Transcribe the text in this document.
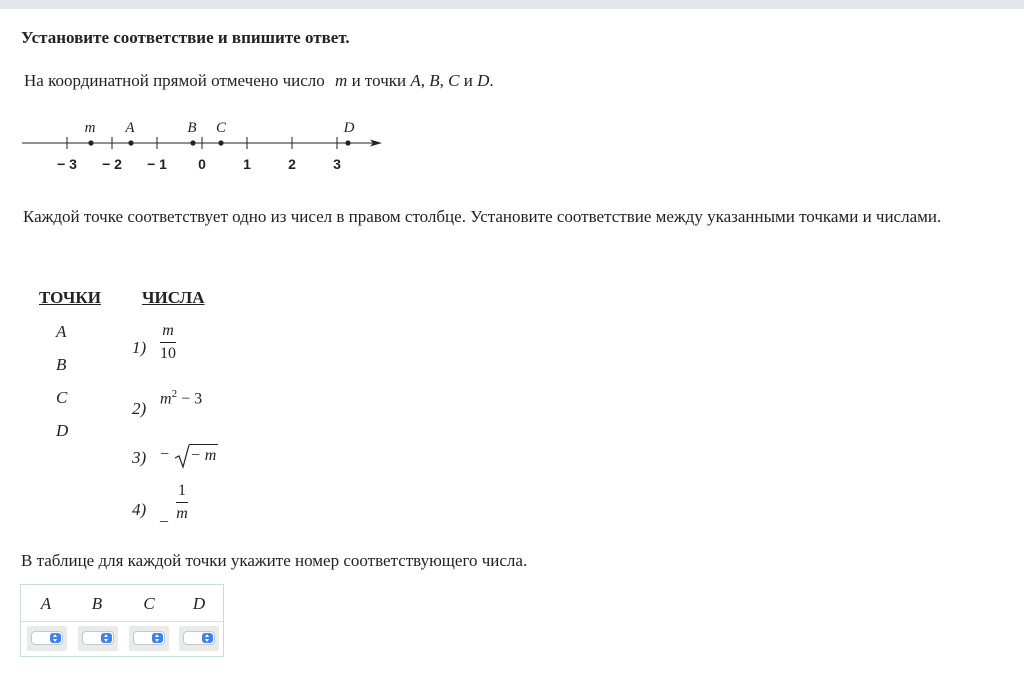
Установите соответствие и впишите ответ.
На координатной прямой отмечено число m и точки A, B, C и D.
m A	B C	D
− 3 − 2 − 1 0	1	2	3
Каждой точке соответствует одно из чисел в правом столбце. Установите соответствие между указанными точками и числами.
ТОЧКИ ЧИСЛА
A
B
C
D
1)
m
10
2)
$m^2 - 3$
3) − − m
4) _
1
m
В таблице для каждой точки укажите номер соответствующего числа.
A	B	C	D
